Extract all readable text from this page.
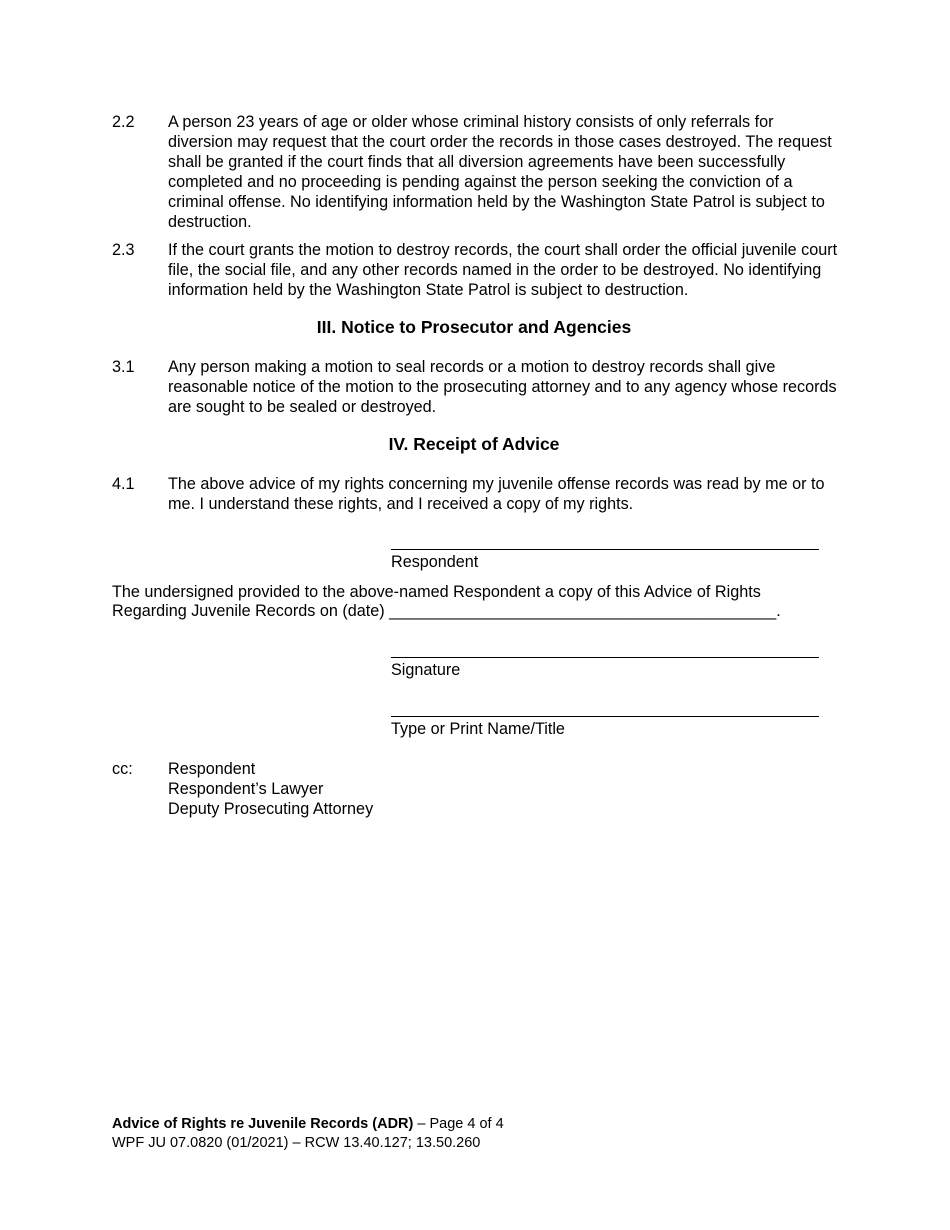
2.2 A person 23 years of age or older whose criminal history consists of only referrals for diversion may request that the court order the records in those cases destroyed. The request shall be granted if the court finds that all diversion agreements have been successfully completed and no proceeding is pending against the person seeking the conviction of a criminal offense. No identifying information held by the Washington State Patrol is subject to destruction.
2.3 If the court grants the motion to destroy records, the court shall order the official juvenile court file, the social file, and any other records named in the order to be destroyed. No identifying information held by the Washington State Patrol is subject to destruction.
III. Notice to Prosecutor and Agencies
3.1 Any person making a motion to seal records or a motion to destroy records shall give reasonable notice of the motion to the prosecuting attorney and to any agency whose records are sought to be sealed or destroyed.
IV. Receipt of Advice
4.1 The above advice of my rights concerning my juvenile offense records was read by me or to me. I understand these rights, and I received a copy of my rights.
Respondent
The undersigned provided to the above-named Respondent a copy of this Advice of Rights
Regarding Juvenile Records on (date) ___________________________________________.
Signature
Type or Print Name/Title
cc: Respondent
Respondent’s Lawyer
Deputy Prosecuting Attorney
Advice of Rights re Juvenile Records (ADR) – Page 4 of 4
WPF JU 07.0820 (01/2021) – RCW 13.40.127; 13.50.260
